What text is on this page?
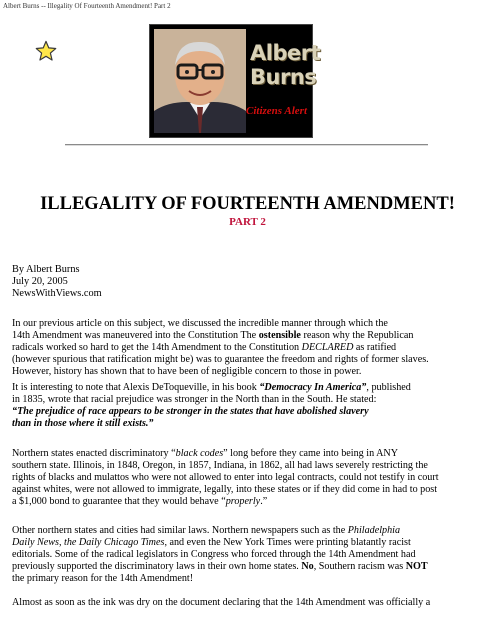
Albert Burns -- Illegality Of Fourteenth Amendment! Part 2
Albert
Burns
Citizens Alert
ILLEGALITY OF FOURTEENTH AMENDMENT!
PART 2
By Albert Burns
July 20, 2005
NewsWithViews.com
In our previous article on this subject, we discussed the incredible manner through which the
14th Amendment was maneuvered into the Constitution The ostensible reason why the Republican
radicals worked so hard to get the 14th Amendment to the Constitution DECLARED as ratified
(however spurious that ratification might be) was to guarantee the freedom and rights of former slaves.
However, history has shown that to have been of negligible concern to those in power.
It is interesting to note that Alexis DeToqueville, in his book “Democracy In America”, published
in 1835, wrote that racial prejudice was stronger in the North than in the South. He stated:
“The prejudice of race appears to be stronger in the states that have abolished slavery
than in those where it still exists.”
Northern states enacted discriminatory “black codes” long before they came into being in ANY
southern state. Illinois, in 1848, Oregon, in 1857, Indiana, in 1862, all had laws severely restricting the
rights of blacks and mulattos who were not allowed to enter into legal contracts, could not testify in court
against whites, were not allowed to immigrate, legally, into these states or if they did come in had to post
a $1,000 bond to guarantee that they would behave “properly.”
Other northern states and cities had similar laws. Northern newspapers such as the Philadelphia
Daily News, the Daily Chicago Times, and even the New York Times were printing blatantly racist
editorials. Some of the radical legislators in Congress who forced through the 14th Amendment had
previously supported the discriminatory laws in their own home states. No, Southern racism was NOT
the primary reason for the 14th Amendment!
Almost as soon as the ink was dry on the document declaring that the 14th Amendment was officially a
